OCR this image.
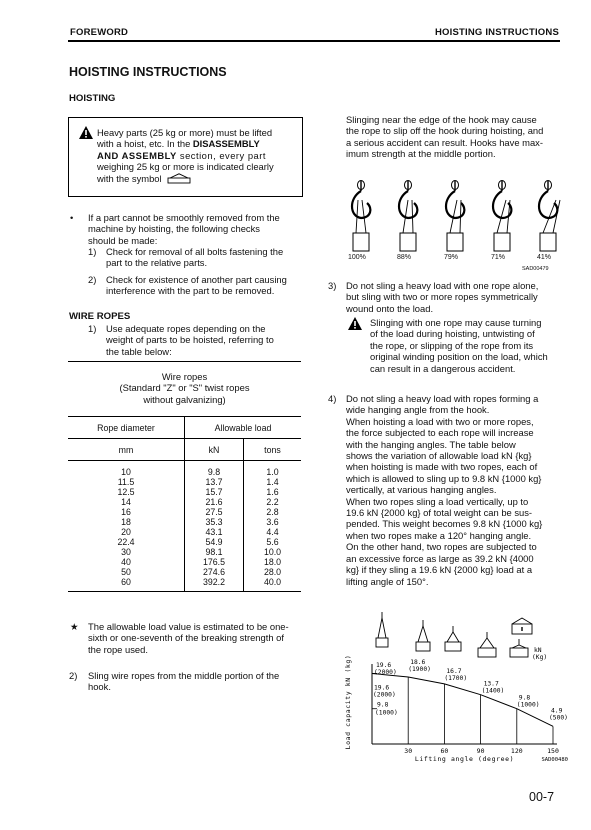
FOREWORD	HOISTING INSTRUCTIONS
HOISTING INSTRUCTIONS
HOISTING
Heavy parts (25 kg or more) must be lifted
with a hoist, etc. In the DISASSEMBLY
AND ASSEMBLY section, every part
weighing 25 kg or more is indicated clearly
with the symbol
• If a part cannot be smoothly removed from the
machine by hoisting, the following checks
should be made:
1) Check for removal of all bolts fastening the
part to the relative parts.
2) Check for existence of another part causing
interference with the part to be removed.
WIRE ROPES
1) Use adequate ropes depending on the
weight of parts to be hoisted, referring to
the table below:
Wire ropes
(Standard "Z" or "S" twist ropes
without galvanizing)
Rope diameter	Allowable load	
mm	kN	tons
10	9.8	1.0
11.5	13.7	1.4
12.5	15.7	1.6
14	21.6	2.2
16	27.5	2.8
18	35.3	3.6
20	43.1	4.4
22.4	54.9	5.6
30	98.1	10.0
40	176.5	18.0
50	274.6	28.0
60	392.2	40.0
★ The allowable load value is estimated to be one-
sixth or one-seventh of the breaking strength of
the rope used.
2) Sling wire ropes from the middle portion of the
hook.
Slinging near the edge of the hook may cause
the rope to slip off the hook during hoisting, and
a serious accident can result. Hooks have max-
imum strength at the middle portion.
100%	88%	79%	71%	41%
SAD00479
3) Do not sling a heavy load with one rope alone,
but sling with two or more ropes symmetrically
wound onto the load.
Slinging with one rope may cause turning
of the load during hoisting, untwisting of
the rope, or slipping of the rope from its
original winding position on the load, which
can result in a dangerous accident.
4) Do not sling a heavy load with ropes forming a
wide hanging angle from the hook.
When hoisting a load with two or more ropes,
the force subjected to each rope will increase
with the hanging angles. The table below
shows the variation of allowable load kN {kg}
when hoisting is made with two ropes, each of
which is allowed to sling up to 9.8 kN {1000 kg}
vertically, at various hanging angles.
When two ropes sling a load vertically, up to
19.6 kN {2000 kg} of total weight can be sus-
pended. This weight becomes 9.8 kN {1000 kg}
when two ropes make a 120° hanging angle.
On the other hand, two ropes are subjected to
an excessive force as large as 39.2 kN {4000
kg} if they sling a 19.6 kN {2000 kg} load at a
lifting angle of 150°.
30	60	90	120	150
19.6
(2000)
18.6
(1900) 16.7
(1700)
13.7
(1400)
9.8
(1000)
4.9
(500)
19.6
(2000)
9.8
(1000)
Load capacity kN (kg)
Lifting angle (degree)
kN
(Kg)
SAD00480
00-7
